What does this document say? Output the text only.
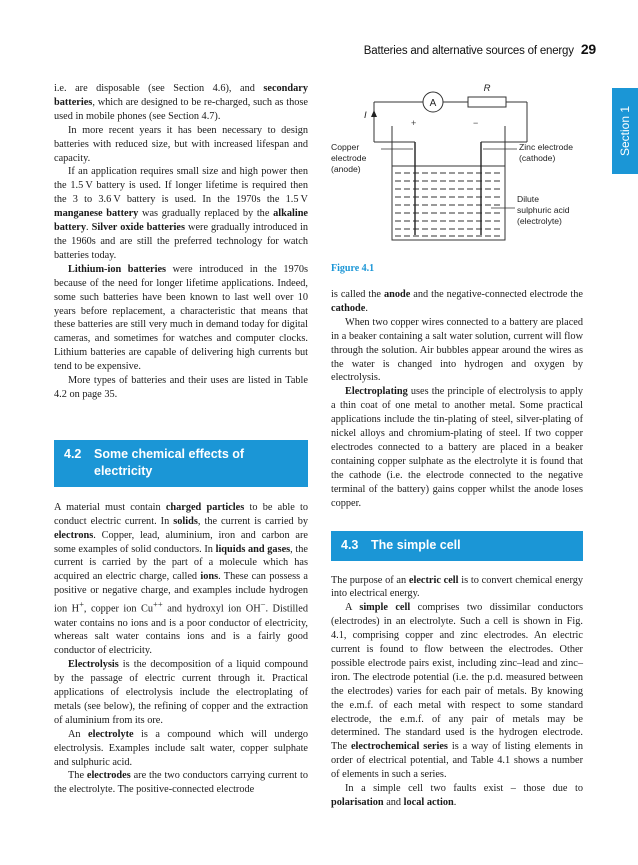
Batteries and alternative sources of energy 29
Section 1

i.e. are disposable (see Section 4.6), and secondary batteries, which are designed to be re-charged, such as those used in mobile phones (see Section 4.7).

In more recent years it has been necessary to design batteries with reduced size, but with increased lifespan and capacity.

If an application requires small size and high power then the 1.5 V battery is used. If longer lifetime is required then the 3 to 3.6 V battery is used. In the 1970s the 1.5 V manganese battery was gradually replaced by the alkaline battery. Silver oxide batteries were gradually introduced in the 1960s and are still the preferred technology for watch batteries today.

Lithium-ion batteries were introduced in the 1970s because of the need for longer lifetime applications. Indeed, some such batteries have been known to last well over 10 years before replacement, a characteristic that means that these batteries are still very much in demand today for digital cameras, and sometimes for watches and computer clocks. Lithium batteries are capable of delivering high currents but tend to be expensive.

More types of batteries and their uses are listed in Table 4.2 on page 35.

4.2 Some chemical effects of
electricity

A material must contain charged particles to be able to conduct electric current. In solids, the current is carried by electrons. Copper, lead, aluminium, iron and carbon are some examples of solid conductors. In liquids and gases, the current is carried by the part of a molecule which has acquired an electric charge, called ions. These can possess a positive or negative charge, and examples include hydrogen ion H+, copper ion Cu++ and hydroxyl ion OH−. Distilled water contains no ions and is a poor conductor of electricity, whereas salt water contains ions and is a fairly good conductor of electricity.

Electrolysis is the decomposition of a liquid compound by the passage of electric current through it. Practical applications of electrolysis include the electroplating of metals (see below), the refining of copper and the extraction of aluminium from its ore.

An electrolyte is a compound which will undergo electrolysis. Examples include salt water, copper sulphate and sulphuric acid.

The electrodes are the two conductors carrying current to the electrolyte. The positive-connected electrode

A
R
I
+	−
Copper
electrode
(anode)
Zinc electrode
(cathode)
Dilute
sulphuric acid
(electrolyte)
Figure 4.1

is called the anode and the negative-connected electrode the cathode.

When two copper wires connected to a battery are placed in a beaker containing a salt water solution, current will flow through the solution. Air bubbles appear around the wires as the water is changed into hydrogen and oxygen by electrolysis.

Electroplating uses the principle of electrolysis to apply a thin coat of one metal to another metal. Some practical applications include the tin-plating of steel, silver-plating of nickel alloys and chromium-plating of steel. If two copper electrodes connected to a battery are placed in a beaker containing copper sulphate as the electrolyte it is found that the cathode (i.e. the electrode connected to the negative terminal of the battery) gains copper whilst the anode loses copper.

4.3 The simple cell

The purpose of an electric cell is to convert chemical energy into electrical energy.

A simple cell comprises two dissimilar conductors (electrodes) in an electrolyte. Such a cell is shown in Fig. 4.1, comprising copper and zinc electrodes. An electric current is found to flow between the electrodes. Other possible electrode pairs exist, including zinc–lead and zinc–iron. The electrode potential (i.e. the p.d. measured between the electrodes) varies for each pair of metals. By knowing the e.m.f. of each metal with respect to some standard electrode, the e.m.f. of any pair of metals may be determined. The standard used is the hydrogen electrode. The electrochemical series is a way of listing elements in order of electrical potential, and Table 4.1 shows a number of elements in such a series.

In a simple cell two faults exist – those due to polarisation and local action.
